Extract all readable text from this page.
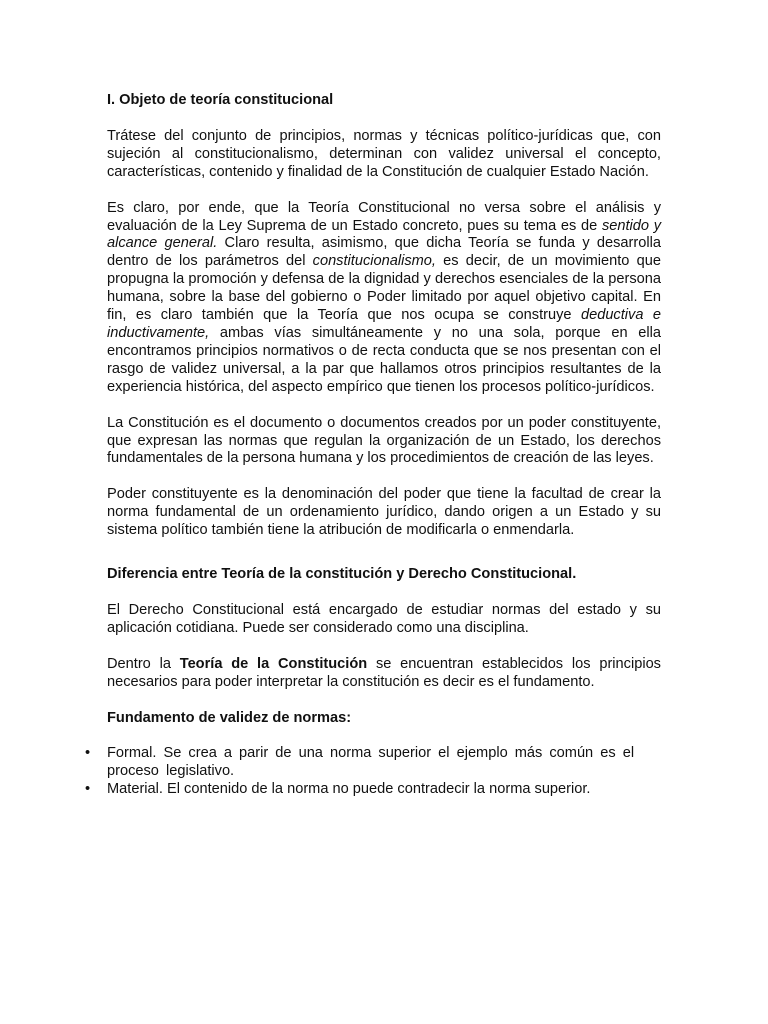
I. Objeto de teoría constitucional

Trátese del conjunto de principios, normas y técnicas político-jurídicas que, con sujeción al constitucionalismo, determinan con validez universal el concepto, características, contenido y finalidad de la Constitución de cualquier Estado Nación.

Es claro, por ende, que la Teoría Constitucional no versa sobre el análisis y evaluación de la Ley Suprema de un Estado concreto, pues su tema es de sentido y alcance general. Claro resulta, asimismo, que dicha Teoría se funda y desarrolla dentro de los parámetros del constitucionalismo, es decir, de un movimiento que propugna la promoción y defensa de la dignidad y derechos esenciales de la persona humana, sobre la base del gobierno o Poder limitado por aquel objetivo capital. En fin, es claro también que la Teoría que nos ocupa se construye deductiva e inductivamente, ambas vías simultáneamente y no una sola, porque en ella encontramos principios normativos o de recta conducta que se nos presentan con el rasgo de validez universal, a la par que hallamos otros principios resultantes de la experiencia histórica, del aspecto empírico que tienen los procesos político-jurídicos.

La Constitución es el documento o documentos creados por un poder constituyente, que expresan las normas que regulan la organización de un Estado, los derechos fundamentales de la persona humana y los procedimientos de creación de las leyes.

Poder constituyente es la denominación del poder que tiene la facultad de crear la norma fundamental de un ordenamiento jurídico, dando origen a un Estado y su sistema político también tiene la atribución de modificarla o enmendarla.

Diferencia entre Teoría de la constitución y Derecho Constitucional.

El Derecho Constitucional está encargado de estudiar normas del estado y su aplicación cotidiana. Puede ser considerado como una disciplina.

Dentro la Teoría de la Constitución se encuentran establecidos los principios necesarios para poder interpretar la constitución es decir es el fundamento.

Fundamento de validez de normas:

• Formal. Se crea a parir de una norma superior el ejemplo más común es el proceso legislativo.
• Material. El contenido de la norma no puede contradecir la norma superior.
